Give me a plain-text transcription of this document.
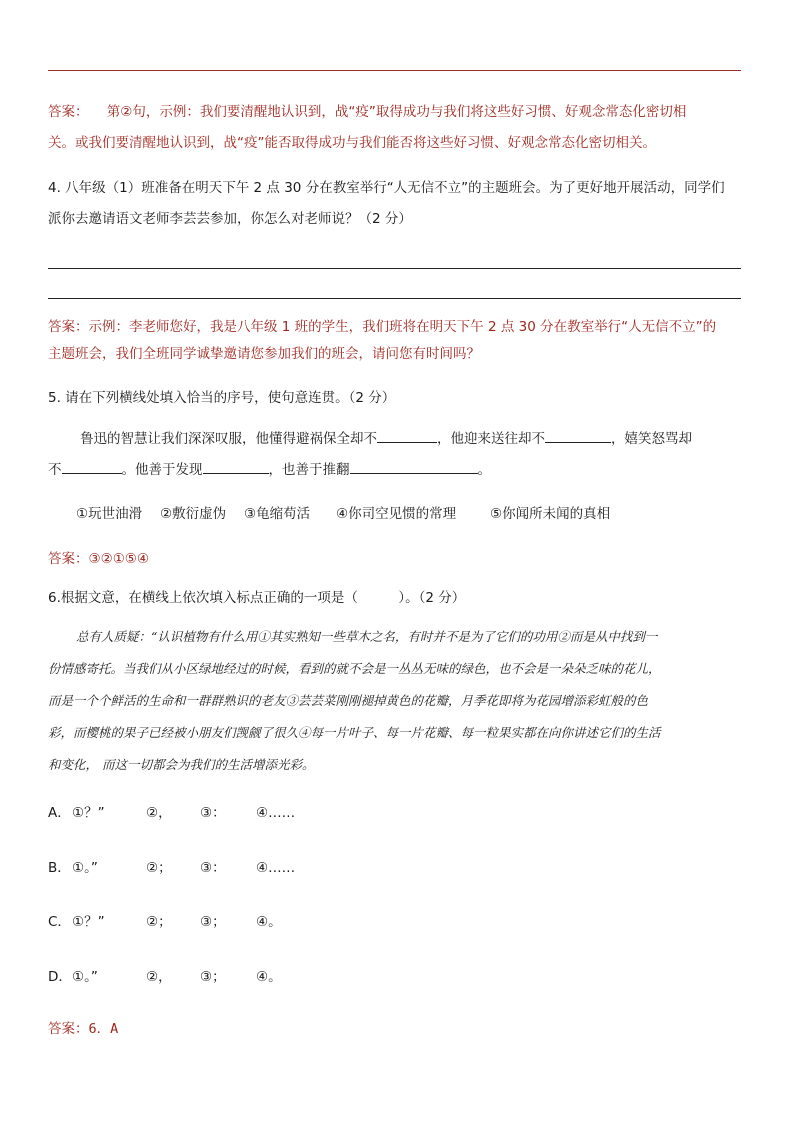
答案： 第②句，示例：我们要清醒地认识到，战“疫”取得成功与我们将这些好习惯、好观念常态化密切相
关。或我们要清醒地认识到，战“疫”能否取得成功与我们能否将这些好习惯、好观念常态化密切相关。
4. 八年级（1）班准备在明天下午 2 点 30 分在教室举行“人无信不立”的主题班会。为了更好地开展活动，同学们
派你去邀请语文老师李芸芸参加，你怎么对老师说？（2 分）
答案：示例：李老师您好，我是八年级 1 班的学生，我们班将在明天下午 2 点 30 分在教室举行“人无信不立”的
主题班会，我们全班同学诚挚邀请您参加我们的班会，请问您有时间吗？
5. 请在下列横线处填入恰当的序号，使句意连贯。（2 分）
鲁迅的智慧让我们深深叹服，他懂得避祸保全却不	，他迎来送往却不	，嬉笑怒骂却
不	。他善于发现	，也善于推翻	。
①玩世油滑 ②敷衍虚伪 ③龟缩苟活 ④你司空见惯的常理	⑤你闻所未闻的真相
答案：③②①⑤④
6.根据文意，在横线上依次填入标点正确的一项是（　　　）。（2 分）
总有人质疑：“认识植物有什么用①其实熟知一些草木之名，有时并不是为了它们的功用②而是从中找到一
份情感寄托。当我们从小区绿地经过的时候，看到的就不会是一丛丛无味的绿色，也不会是一朵朵乏味的花儿，
而是一个个鲜活的生命和一群群熟识的老友③芸芸菜刚刚褪掉黄色的花瓣，月季花即将为花园增添彩虹般的色
彩，而樱桃的果子已经被小朋友们觊觎了很久④每一片叶子、每一片花瓣、每一粒果实都在向你讲述它们的生活
和变化， 而这一切都会为我们的生活增添光彩。
A．①？”	②， ③： ④……
B．①。”	②； ③： ④……
C．①？”	②； ③； ④。
D．①。”	②， ③； ④。
答案：6．A
